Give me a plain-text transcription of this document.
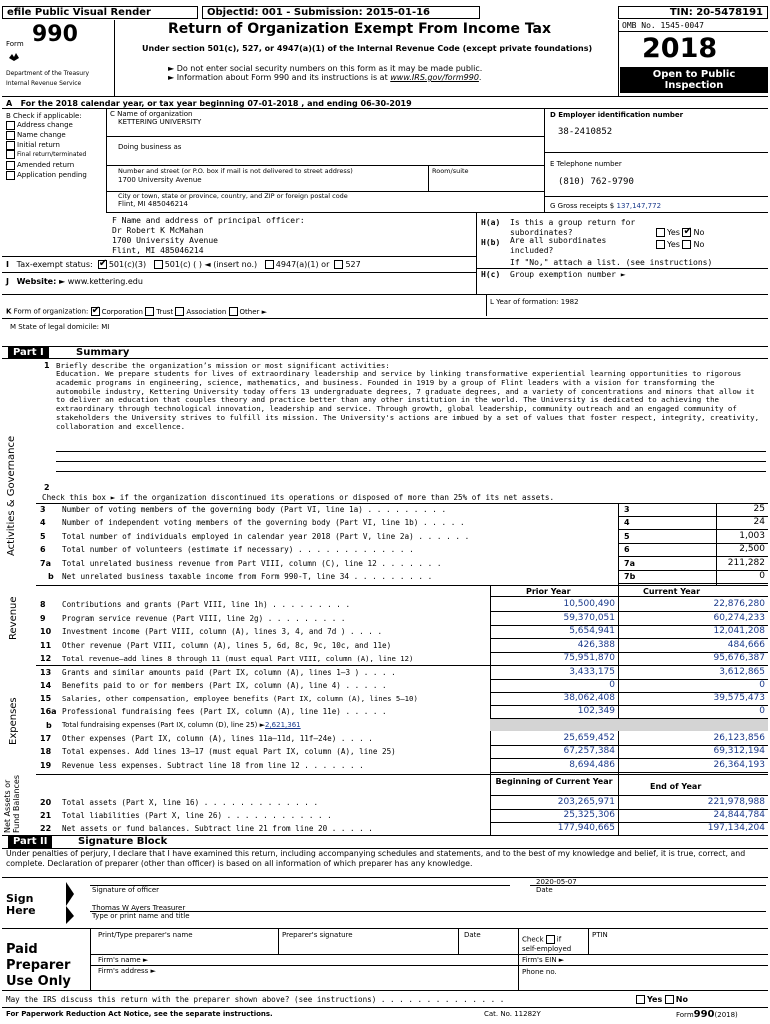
efile Public Visual Render	ObjectId: 001 - Submission: 2015-01-16	TIN: 20-5478191
Form 990
Department of the Treasury
Internal Revenue Service
Return of Organization Exempt From Income Tax
Under section 501(c), 527, or 4947(a)(1) of the Internal Revenue Code (except private foundations)
► Do not enter social security numbers on this form as it may be made public.
► Information about Form 990 and its instructions is at www.IRS.gov/form990.
OMB No. 1545-0047
2018
Open to Public
Inspection
A For the 2018 calendar year, or tax year beginning 07-01-2018 , and ending 06-30-2019
B Check if applicable:
Address change
Name change
Initial return
Final return/terminated
Amended return
Application pending
C Name of organization
KETTERING UNIVERSITY
Doing business as
Number and street (or P.O. box if mail is not delivered to street address)	Room/suite
1700 University Avenue
City or town, state or province, country, and ZIP or foreign postal code
Flint, MI 485046214
D Employer identification number
38-2410852
E Telephone number
(810) 762-9790
G Gross receipts $ 137,147,772
F Name and address of principal officer:
Dr Robert K McMahan
1700 University Avenue
Flint, MI 485046214
H(a) Is this a group return for
subordinates?	Yes ✔ No
H(b) Are all subordinates
included?
Yes No
If "No," attach a list. (see instructions)
H(c) Group exemption number ►
I Tax-exempt status: ✔ 501(c)(3) 501(c) ( ) ◄ (insert no.) 4947(a)(1) or 527
J Website: ► www.kettering.edu
K Form of organization: ✔ Corporation Trust Association Other ►
L Year of formation: 1982
M State of legal domicile: MI
Part I	Summary
Activities & Governance
Revenue
Expenses
Net Assets or Fund Balances
1 Briefly describe the organization’s mission or most significant activities:
Education. We prepare students for lives of extraordinary leadership and service by linking transformative experiential learning opportunities to rigorous academic programs in engineering, science, mathematics, and business. Founded in 1919 by a group of Flint leaders with a vision for transforming the automobile industry, Kettering University today offers 13 undergraduate degrees, 7 graduate degrees, and a variety of concentrations and minors that allow it to deliver an education that couples theory and practice better than any other institution in the world. The University is dedicated to achieving the extraordinary through technological innovation, leadership and service. Through growth, global leadership, community outreach and an engaged community of stakeholders the University strives to fulfill its mission. The University's actions are imbued by a set of values that foster respect, integrity, creativity, collaboration and excellence.
2
Check this box ► if the organization discontinued its operations or disposed of more than 25% of its net assets.
3 Number of voting members of the governing body (Part VI, line 1a) . . . . . . . . .	3	25
4 Number of independent voting members of the governing body (Part VI, line 1b) . . . . .	4	24
5 Total number of individuals employed in calendar year 2018 (Part V, line 2a) . . . . . .	5	1,003
6 Total number of volunteers (estimate if necessary) . . . . . . . . . . . . .	6	2,500
7a Total unrelated business revenue from Part VIII, column (C), line 12 . . . . . . .	7a	211,282
b Net unrelated business taxable income from Form 990-T, line 34 . . . . . . . . .	7b	0
Prior Year	Current Year
8 Contributions and grants (Part VIII, line 1h) . . . . . . . . .	10,500,490	22,876,280
9 Program service revenue (Part VIII, line 2g) . . . . . . . . .	59,370,051	60,274,233
10 Investment income (Part VIII, column (A), lines 3, 4, and 7d ) . . . .	5,654,941	12,041,208
11 Other revenue (Part VIII, column (A), lines 5, 6d, 8c, 9c, 10c, and 11e)	426,388	484,666
12 Total revenue—add lines 8 through 11 (must equal Part VIII, column (A), line 12)	75,951,870	95,676,387
13 Grants and similar amounts paid (Part IX, column (A), lines 1–3 ) . . . .	3,433,175	3,612,865
14 Benefits paid to or for members (Part IX, column (A), line 4) . . . . .	0	0
15 Salaries, other compensation, employee benefits (Part IX, column (A), lines 5–10)	38,062,408	39,575,473
16a Professional fundraising fees (Part IX, column (A), line 11e) . . . . .	102,349	0
17 Other expenses (Part IX, column (A), lines 11a–11d, 11f–24e) . . . .	25,659,452	26,123,856
18 Total expenses. Add lines 13–17 (must equal Part IX, column (A), line 25)	67,257,384	69,312,194
19 Revenue less expenses. Subtract line 18 from line 12 . . . . . . .	8,694,486	26,364,193
20 Total assets (Part X, line 16) . . . . . . . . . . . . .	203,265,971	221,978,988
21 Total liabilities (Part X, line 26) . . . . . . . . . . . .	25,325,306	24,844,784
22 Net assets or fund balances. Subtract line 21 from line 20 . . . . .	177,940,665	197,134,204
b Total fundraising expenses (Part IX, column (D), line 25) ►2,621,361
Beginning of Current Year
End of Year
Part II	Signature Block
Under penalties of perjury, I declare that I have examined this return, including accompanying schedules and statements, and to the best of my knowledge and belief, it is true, correct, and complete. Declaration of preparer (other than officer) is based on all information of which preparer has any knowledge.
Sign
Here
2020-05-07
Signature of officer	Date
Thomas W Ayers Treasurer
Type or print name and title
Paid
Preparer
Use Only
Print/Type preparer's name	Preparer's signature	Date
Check if
self-employed
PTIN
Firm's name ►	Firm's EIN ►
Firm's address ►	Phone no.
May the IRS discuss this return with the preparer shown above? (see instructions) . . . . . . . . . . . . . .	Yes No
For Paperwork Reduction Act Notice, see the separate instructions.	Cat. No. 11282Y	Form990(2018)
